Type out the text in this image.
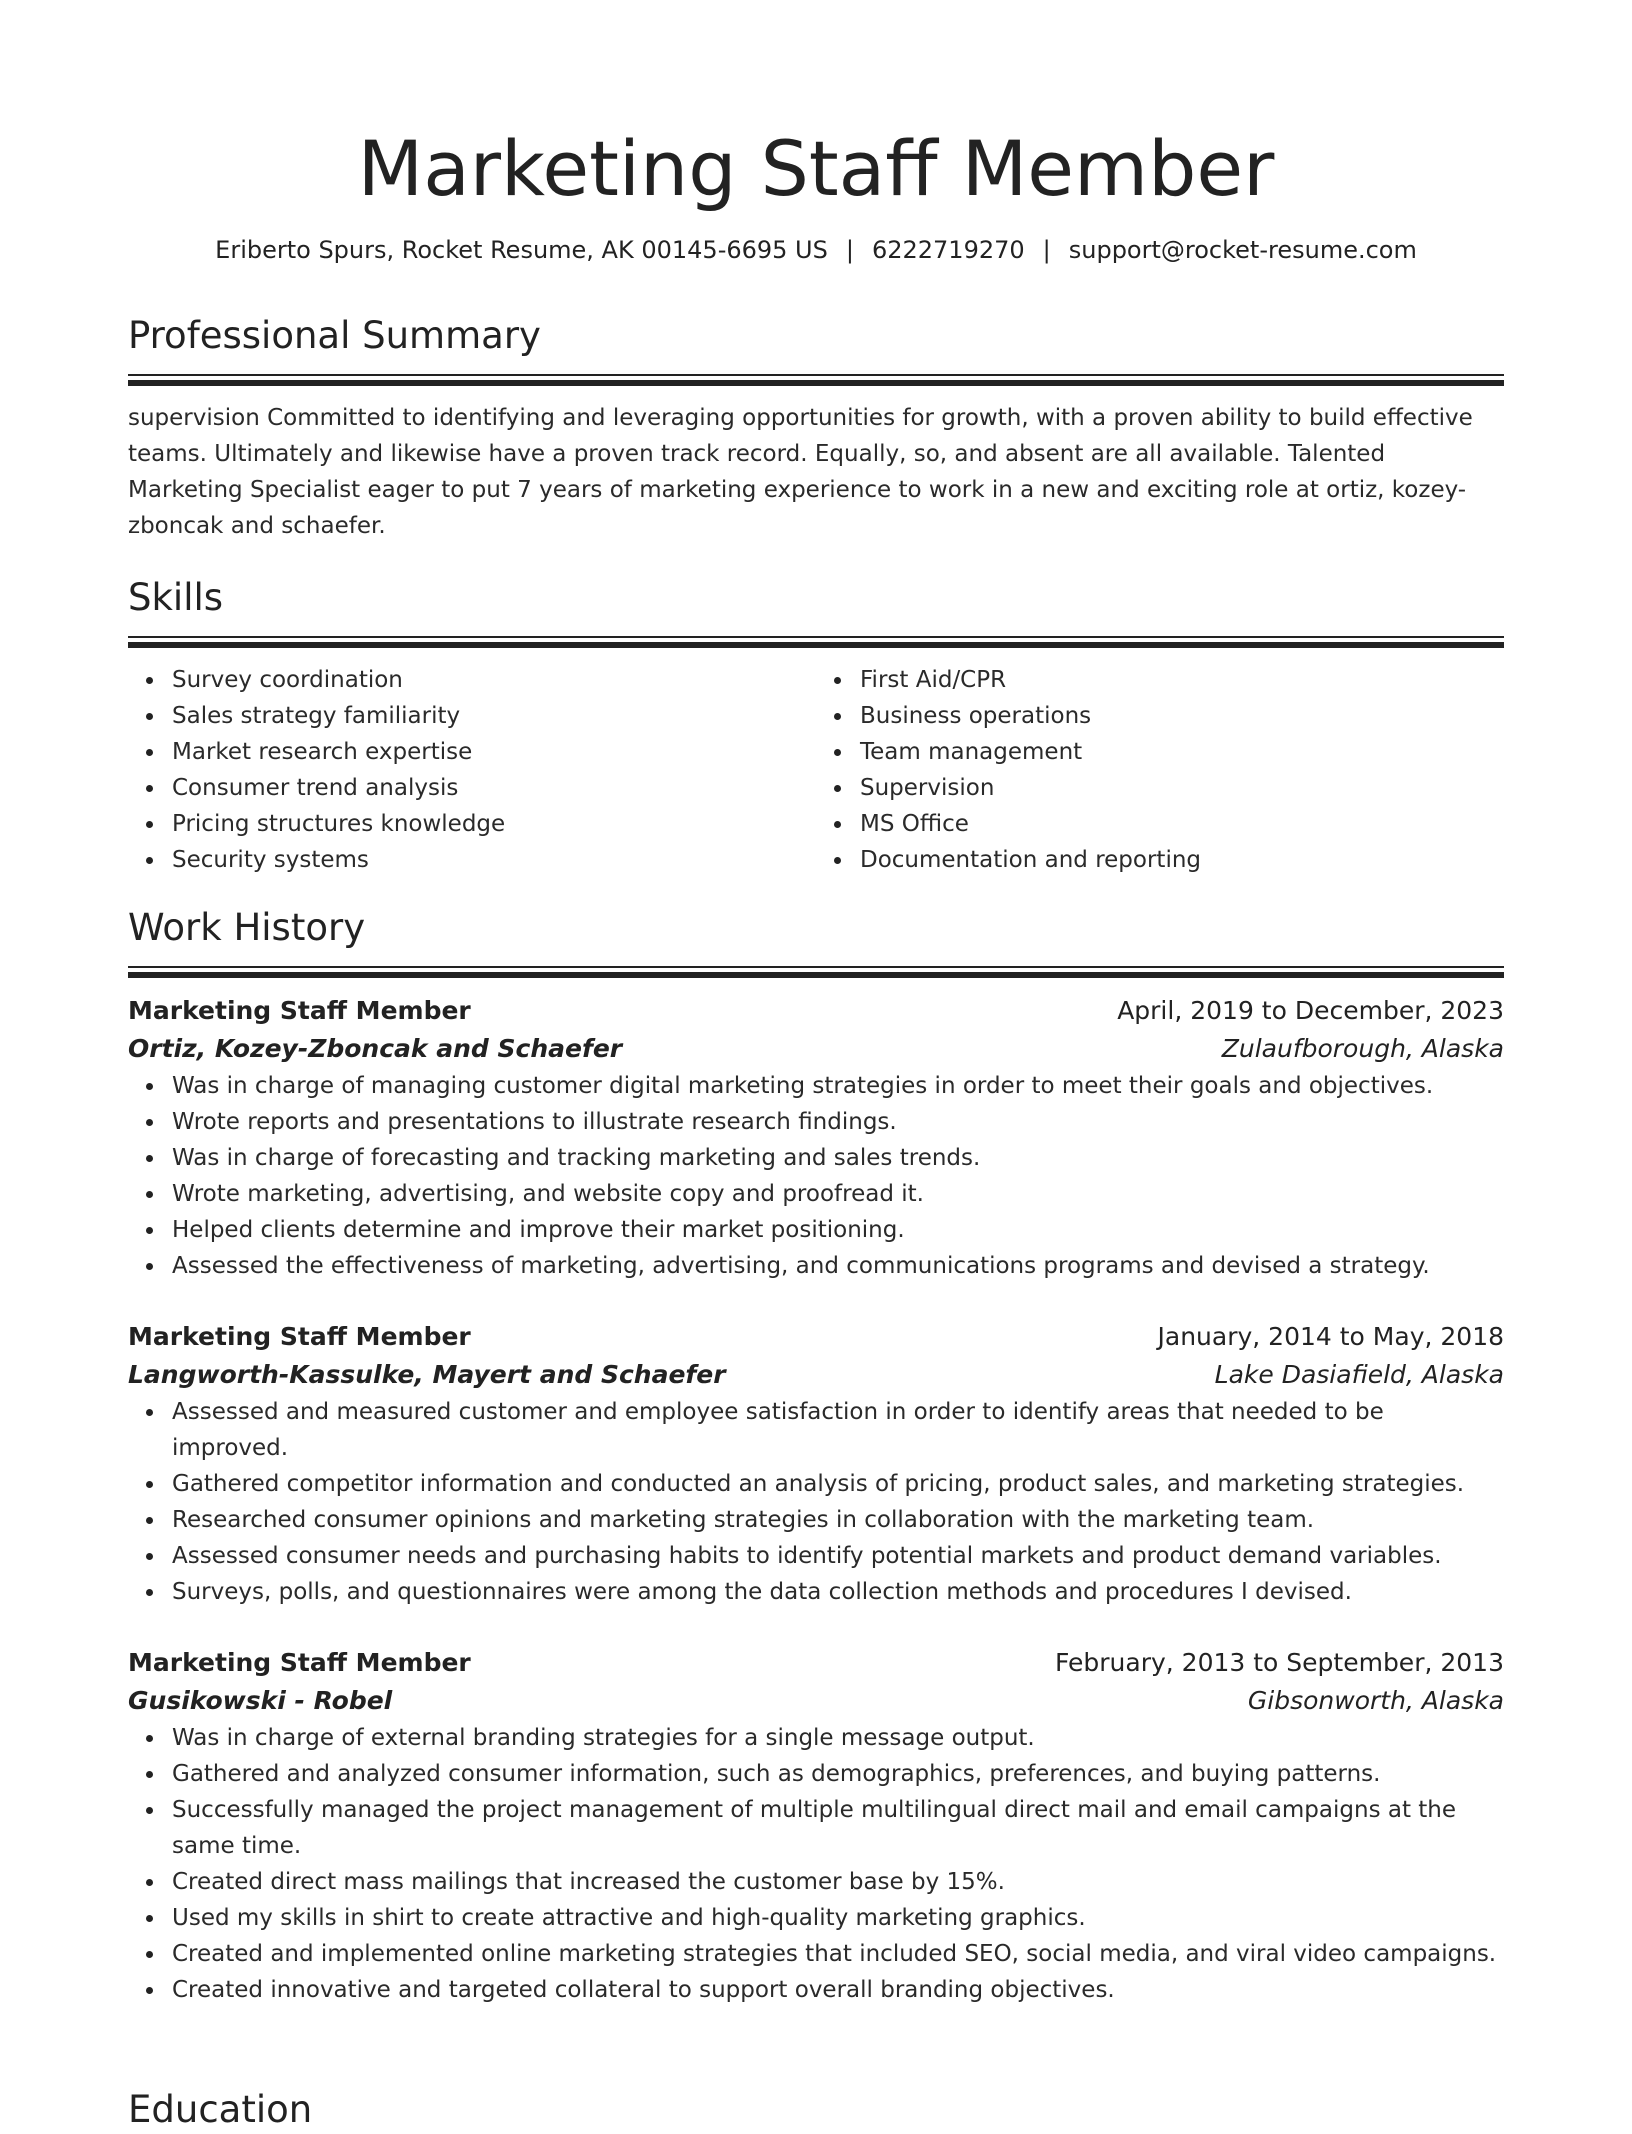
Marketing Staff Member
Eriberto Spurs, Rocket Resume, AK 00145-6695 US | 6222719270 | support@rocket-resume.com
Professional Summary

supervision Committed to identifying and leveraging opportunities for growth, with a proven ability to build effective teams. Ultimately and likewise have a proven track record. Equally, so, and absent are all available. Talented Marketing Specialist eager to put 7 years of marketing experience to work in a new and exciting role at ortiz, kozey-zboncak and schaefer.

Skills
Survey coordination
Sales strategy familiarity
Market research expertise
Consumer trend analysis
Pricing structures knowledge
Security systems
First Aid/CPR
Business operations
Team management
Supervision
MS Office
Documentation and reporting
Work History
Marketing Staff Member	April, 2019 to December, 2023
Ortiz, Kozey-Zboncak and Schaefer	Zulaufborough, Alaska
Was in charge of managing customer digital marketing strategies in order to meet their goals and objectives.
Wrote reports and presentations to illustrate research findings.
Was in charge of forecasting and tracking marketing and sales trends.
Wrote marketing, advertising, and website copy and proofread it.
Helped clients determine and improve their market positioning.
Assessed the effectiveness of marketing, advertising, and communications programs and devised a strategy.
Marketing Staff Member	January, 2014 to May, 2018
Langworth-Kassulke, Mayert and Schaefer	Lake Dasiafield, Alaska
Assessed and measured customer and employee satisfaction in order to identify areas that needed to be improved.
Gathered competitor information and conducted an analysis of pricing, product sales, and marketing strategies.
Researched consumer opinions and marketing strategies in collaboration with the marketing team.
Assessed consumer needs and purchasing habits to identify potential markets and product demand variables.
Surveys, polls, and questionnaires were among the data collection methods and procedures I devised.
Marketing Staff Member	February, 2013 to September, 2013
Gusikowski - Robel	Gibsonworth, Alaska
Was in charge of external branding strategies for a single message output.
Gathered and analyzed consumer information, such as demographics, preferences, and buying patterns.
Successfully managed the project management of multiple multilingual direct mail and email campaigns at the same time.
Created direct mass mailings that increased the customer base by 15%.
Used my skills in shirt to create attractive and high-quality marketing graphics.
Created and implemented online marketing strategies that included SEO, social media, and viral video campaigns.
Created innovative and targeted collateral to support overall branding objectives.
Education
